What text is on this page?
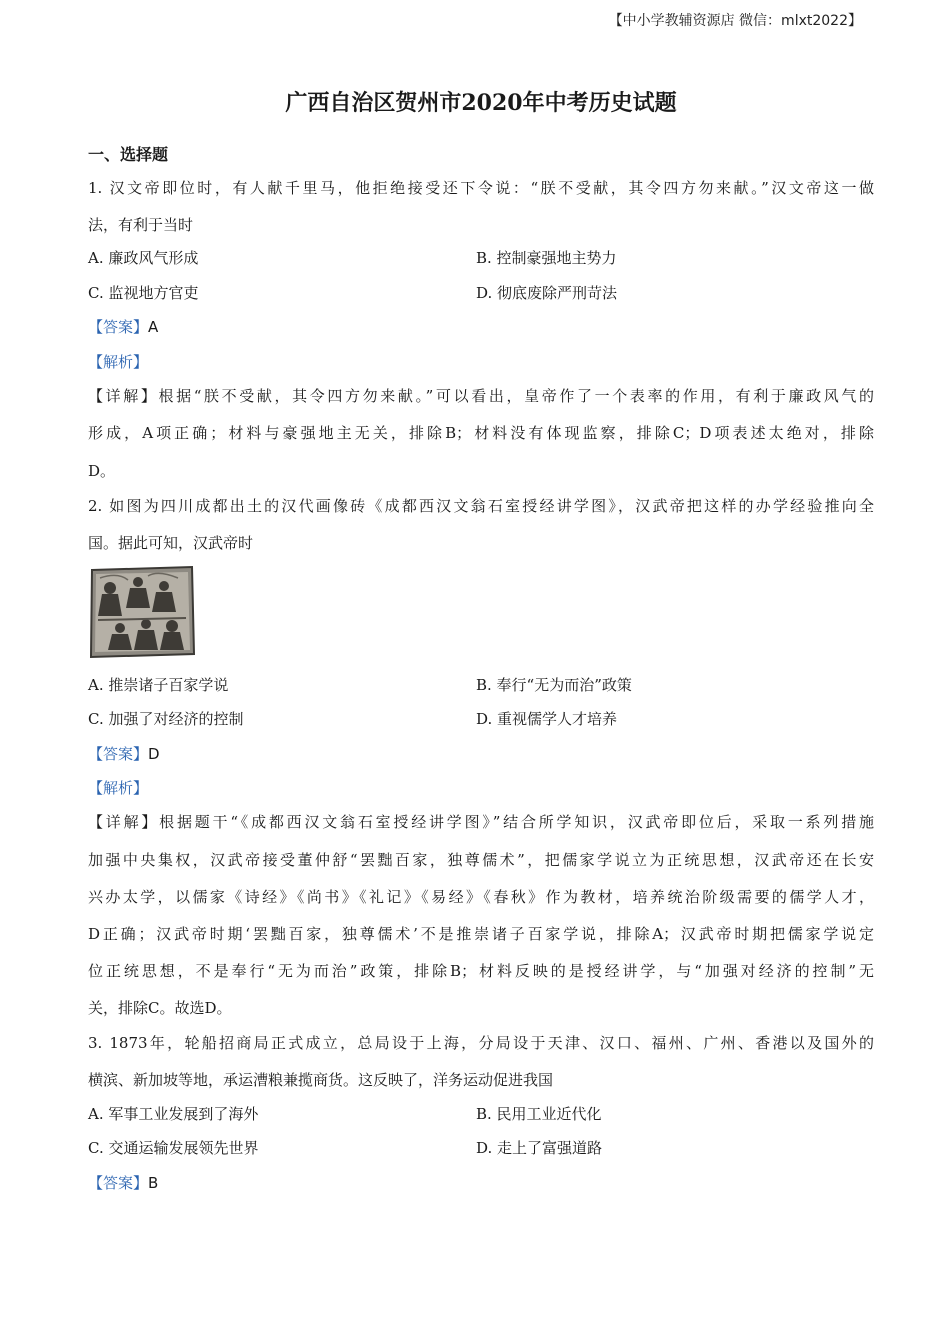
【中小学教辅资源店 微信：mlxt2022】
广西自治区贺州市2020年中考历史试题
一、选择题
1. 汉文帝即位时，有人献千里马，他拒绝接受还下令说：“朕不受献，其令四方勿来献。”汉文帝这一做
法，有利于当时
A. 廉政风气形成	B. 控制豪强地主势力
C. 监视地方官吏	D. 彻底废除严刑苛法
【答案】A
【解析】
【详解】根据“朕不受献，其令四方勿来献。”可以看出，皇帝作了一个表率的作用，有利于廉政风气的
形成，A项正确；材料与豪强地主无关，排除B；材料没有体现监察，排除C；D项表述太绝对，排除
D。
2. 如图为四川成都出土的汉代画像砖《成都西汉文翁石室授经讲学图》，汉武帝把这样的办学经验推向全
国。据此可知，汉武帝时
A. 推崇诸子百家学说	B. 奉行“无为而治”政策
C. 加强了对经济的控制	D. 重视儒学人才培养
【答案】D
【解析】
【详解】根据题干“《成都西汉文翁石室授经讲学图》”结合所学知识，汉武帝即位后，采取一系列措施
加强中央集权，汉武帝接受董仲舒“罢黜百家，独尊儒术”，把儒家学说立为正统思想，汉武帝还在长安
兴办太学，以儒家《诗经》《尚书》《礼记》《易经》《春秋》作为教材，培养统治阶级需要的儒学人才，
D正确；汉武帝时期‘罢黜百家，独尊儒术’不是推崇诸子百家学说，排除A；汉武帝时期把儒家学说定
位正统思想，不是奉行“无为而治”政策，排除B；材料反映的是授经讲学，与“加强对经济的控制”无
关，排除C。故选D。
3. 1873年，轮船招商局正式成立，总局设于上海，分局设于天津、汉口、福州、广州、香港以及国外的
横滨、新加坡等地，承运漕粮兼揽商货。这反映了，洋务运动促进我国
A. 军事工业发展到了海外	B. 民用工业近代化
C. 交通运输发展领先世界	D. 走上了富强道路
【答案】B
